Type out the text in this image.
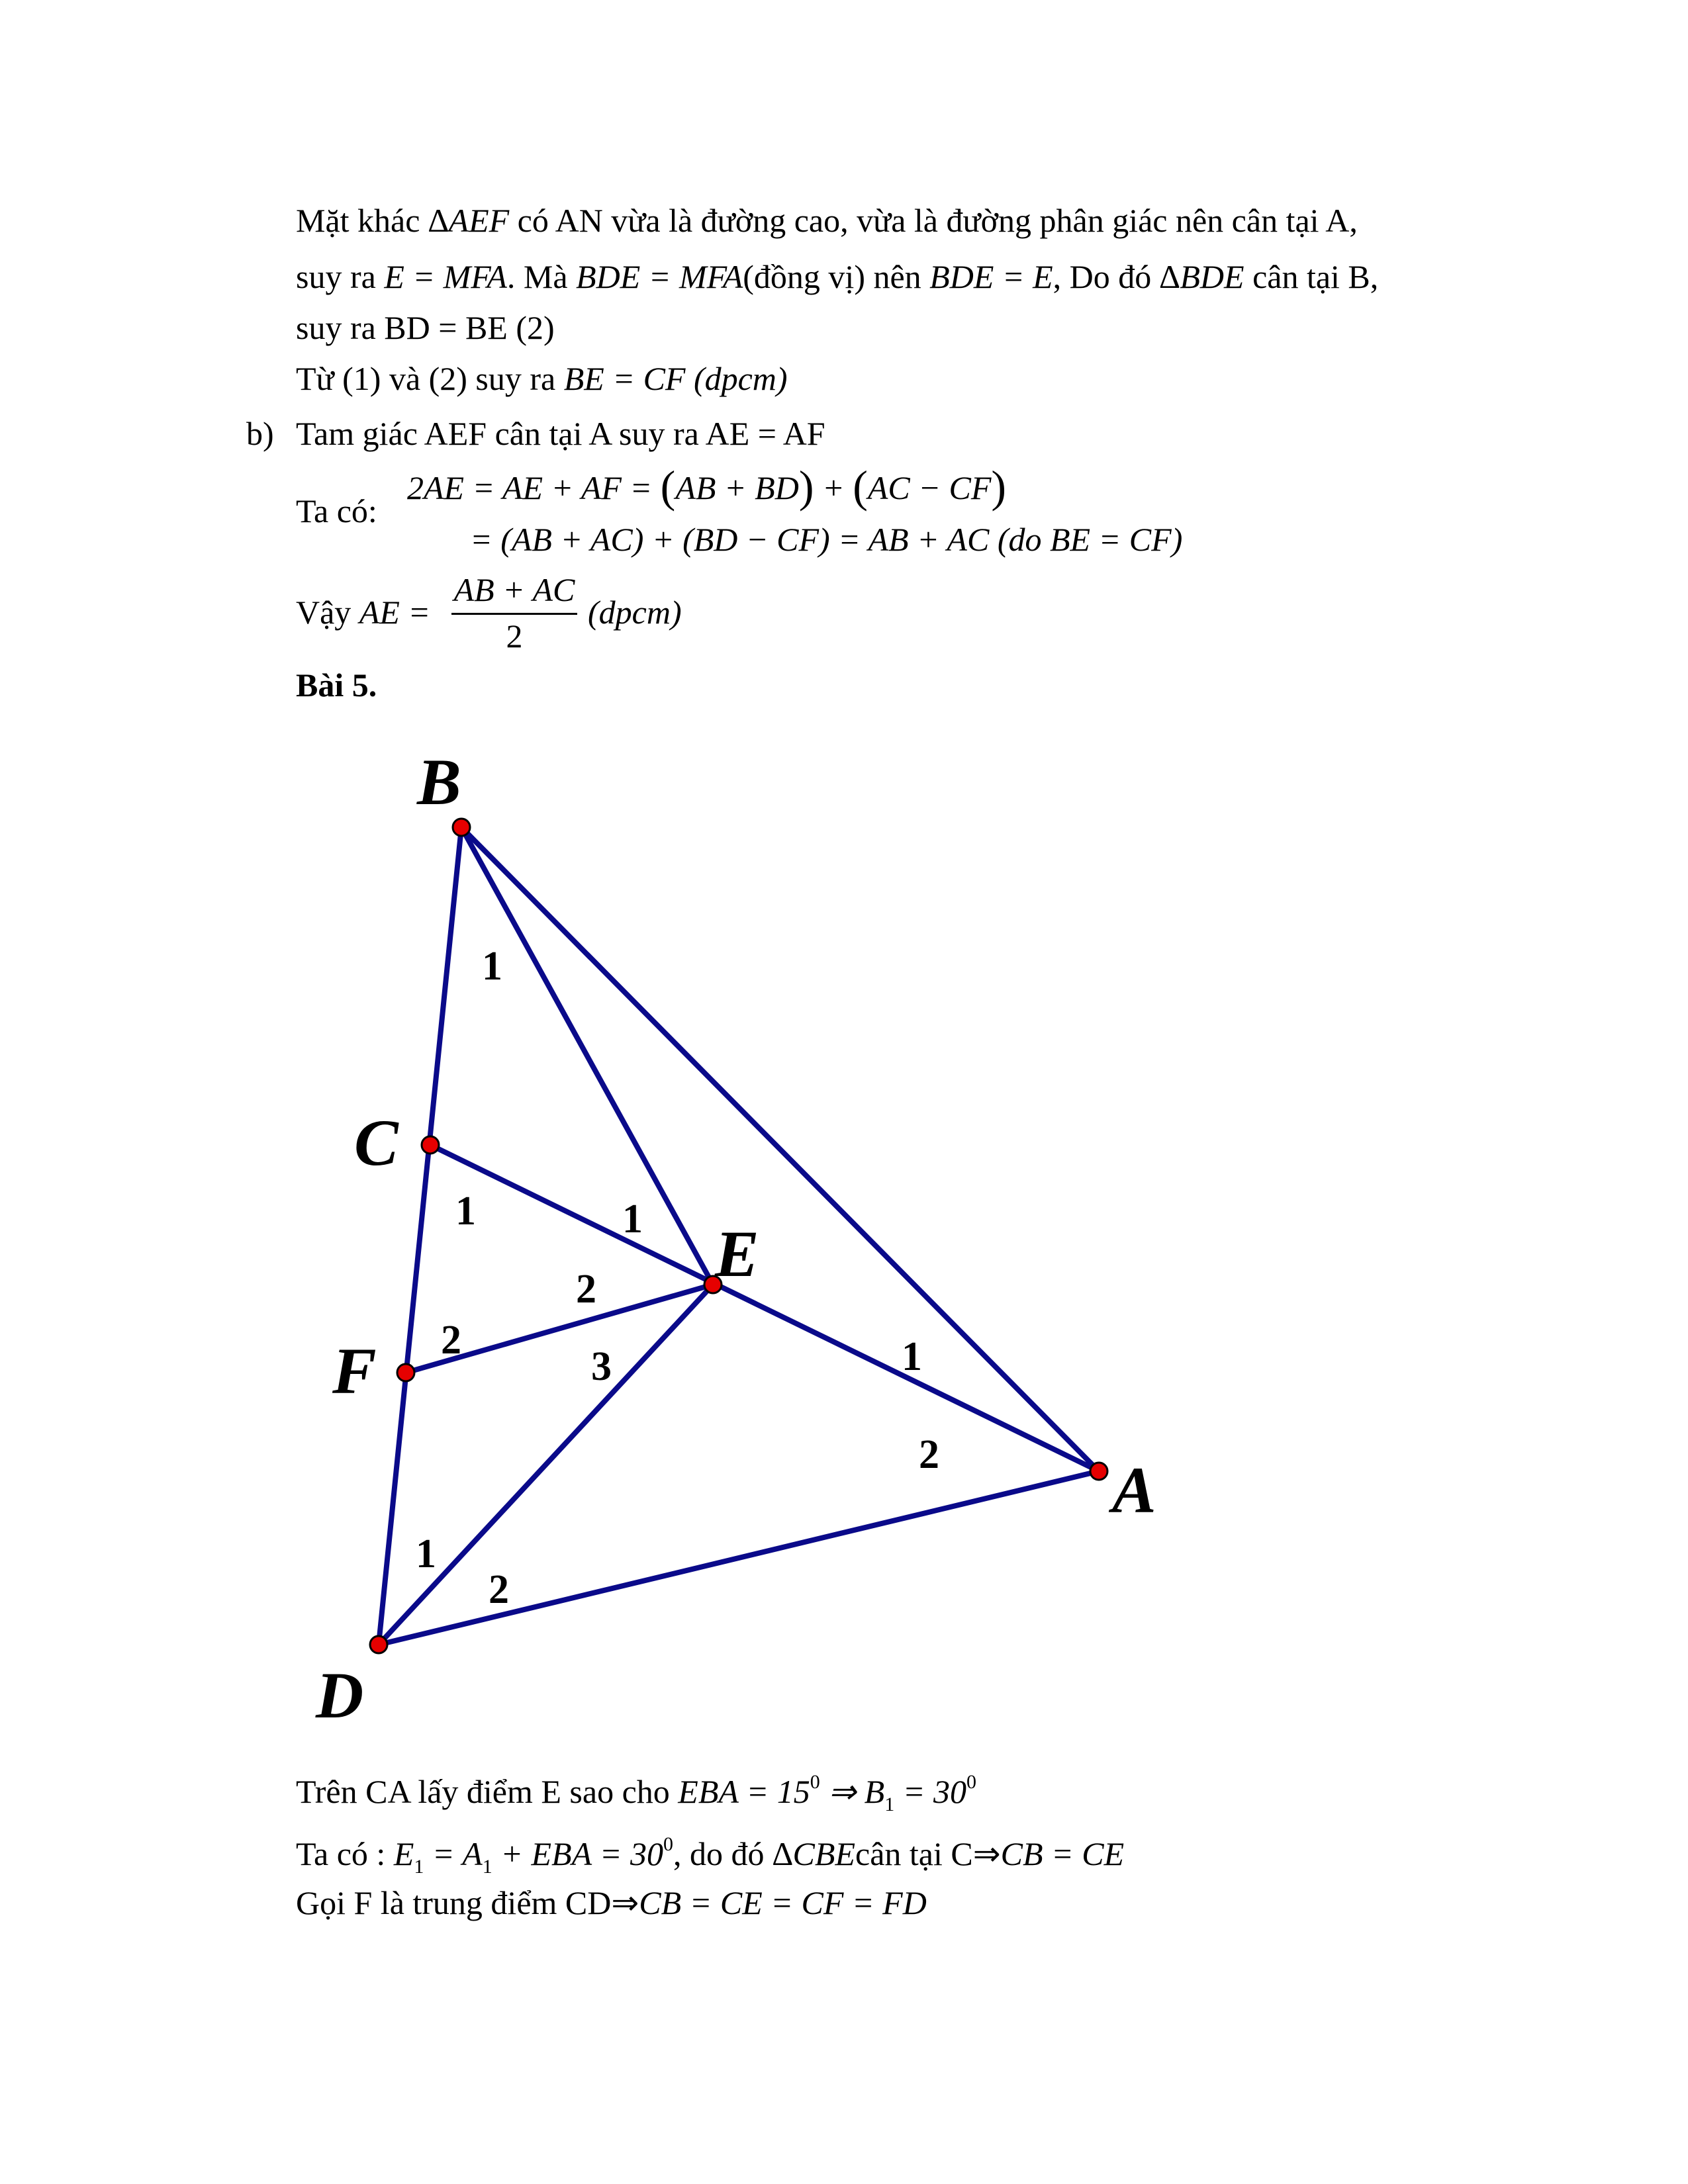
Mặt khác ∆AEF có AN vừa là đường cao, vừa là đường phân giác nên cân tại A,
suy ra E = MFA. Mà BDE = MFA(đồng vị) nên BDE = E, Do đó ∆BDE cân tại B,
suy ra BD = BE (2)
Từ (1) và (2) suy ra BE = CF (dpcm)
b) Tam giác AEF cân tại A suy ra AE = AF
2AE = AE + AF = (AB + BD) + (AC − CF)
Ta có:
= (AB + AC) + (BD − CF) = AB + AC (do BE = CF)
Vậy AE =
AB + AC
2
(dpcm)
Bài 5.
B
C
E
F
A
D
1
1	1
2
2
3	1
2
1
2
Trên CA lấy điểm E sao cho EBA = $15^0$ ⇒ $B_1 = 30^0$
Ta có : $E_1 = A_1$ + EBA = $30^0$, do đó ∆CBEcân tại C⇒CB = CE
Gọi F là trung điểm CD⇒CB = CE = CF = FD
